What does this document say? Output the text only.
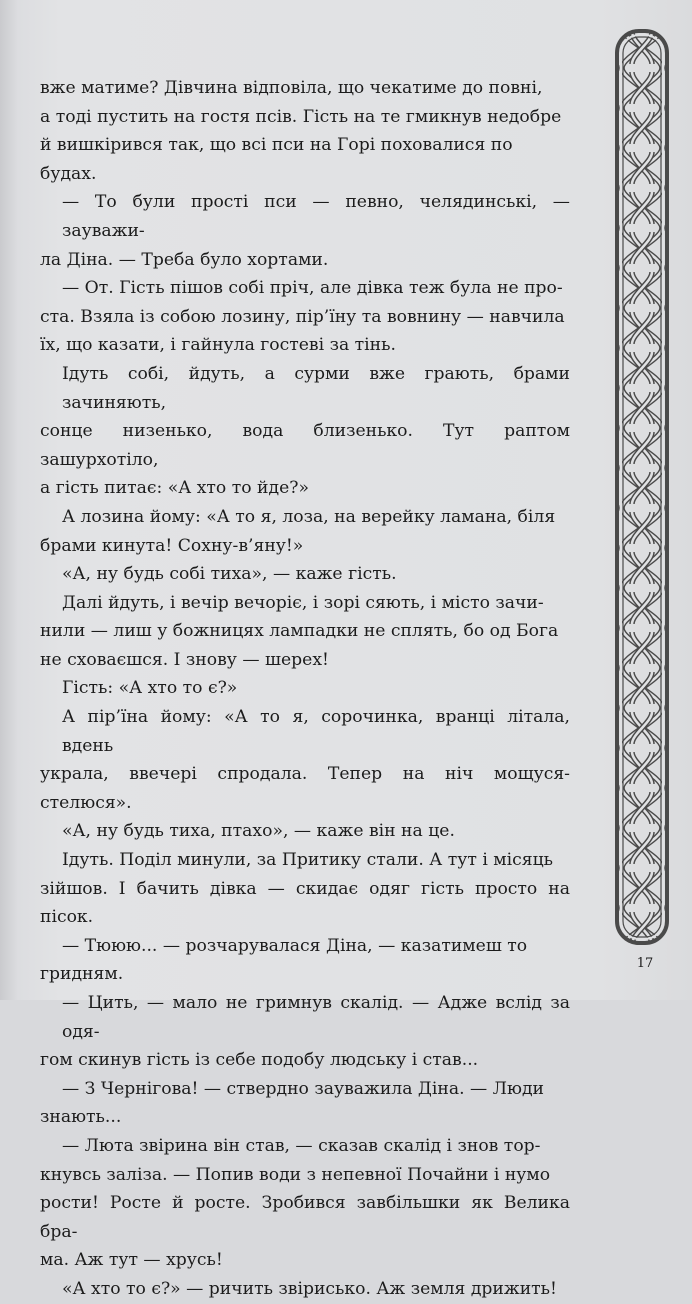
вже матиме? Дівчина відповіла, що чекатиме до повні,

а тоді пустить на гостя псів. Гість на те гмикнув недобре

й вишкірився так, що всі пси на Горі поховалися по будах.

— То були прості пси — певно, челядинські, — зауважи-

ла Діна. — Треба було хортами.

— От. Гість пішов собі пріч, але дівка теж була не про-

ста. Взяла із собою лозину, пір’їну та вовнину — навчила

їх, що казати, і гайнула гостеві за тінь.

Ідуть собі, йдуть, а сурми вже грають, брами зачиняють,

сонце низенько, вода близенько. Тут раптом зашурхотіло,

а гість питає: «А хто то йде?»

А лозина йому: «А то я, лоза, на верейку ламана, біля

брами кинута! Сохну-в’яну!»

«А, ну будь собі тиха», — каже гість.

Далі йдуть, і вечір вечоріє, і зорі сяють, і місто зачи-

нили — лиш у божницях лампадки не сплять, бо од Бога

не сховаєшся. І знову — шерех!

Гість: «А хто то є?»

А пір’їна йому: «А то я, сорочинка, вранці літала, вдень

украла, ввечері спродала. Тепер на ніч мощуся-стелюся».

«А, ну будь тиха, птахо», — каже він на це.

Ідуть. Поділ минули, за Притику стали. А тут і місяць

зійшов. І бачить дівка — скидає одяг гість просто на пісок.

— Тююю... — розчарувалася Діна, — казатимеш то

гридням.

— Цить, — мало не гримнув скалід. — Адже вслід за одя-

гом скинув гість із себе подобу людську і став...

— З Чернігова! — ствердно зауважила Діна. — Люди

знають...

— Люта звірина він став, — сказав скалід і знов тор-

кнувсь заліза. — Попив води з непевної Почайни і нумо

рости! Росте й росте. Зробився завбільшки як Велика бра-

ма. Аж тут — хрусь!

«А хто то є?» — ричить звірисько. Аж земля дрижить!

17
